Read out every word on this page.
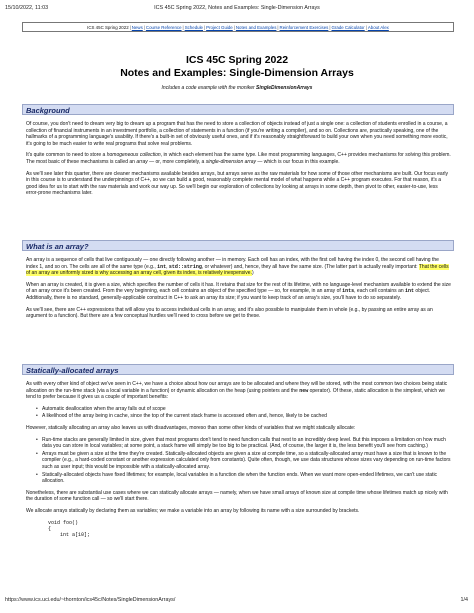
15/10/2022, 11:03	ICS 45C Spring 2022, Notes and Examples: Single-Dimension Arrays
ICS 45C Spring 2022|News|Course Reference|Schedule|Project Guide|Notes and Examples|Reinforcement Exercises|Grade Calculator|About Alex
ICS 45C Spring 2022
Notes and Examples: Single-Dimension Arrays
Includes a code example with the moniker SingleDimensionArrays
Background

Of course, you don't need to dream very big to dream up a program that has the need to store a collection of objects instead of just a single one: a collection of students enrolled in a course, a collection of financial instruments in an investment portfolio, a collection of statements in a function (if you're writing a compiler), and so on. Collections are, practically speaking, one of the hallmarks of a programming language's usability. If there's a built-in set of obviously useful ones, and if it's reasonably straightforward to build your own when you need something more exotic, it's going to be much easier to write real programs that solve real problems.

It's quite common to need to store a homogeneous collection, in which each element has the same type. Like most programming languages, C++ provides mechanisms for solving this problem. The most basic of these mechanisms is called an array — or, more completely, a single-dimension array — which is our focus in this example.

As we'll see later this quarter, there are cleaner mechanisms available besides arrays, but arrays serve as the raw materials for how some of those other mechanisms are built. Our focus early in this course is to understand the underpinnings of C++, so we can build a good, reasonably complete mental model of what happens while a C++ program executes. For that reason, it's a good idea for us to start with the raw materials and work our way up. So we'll begin our exploration of collections by looking at arrays in some depth, then pivot to other, easier-to-use, less error-prone mechanisms later.

What is an array?

An array is a sequence of cells that live contiguously — one directly following another — in memory. Each cell has an index, with the first cell having the index 0, the second cell having the index 1, and so on. The cells are all of the same type (e.g., int, std::string, or whatever) and, hence, they all have the same size. (The latter part is actually really important: That the cells of an array are uniformly sized is why accessing an array cell, given its index, is relatively inexpensive.)

When an array is created, it is given a size, which specifies the number of cells it has. It retains that size for the rest of its lifetime, with no language-level mechanism available to extend the size of an array once it's been created. From the very beginning, each cell contains an object of the specified type — so, for example, in an array of ints, each cell contains an int object. Additionally, there is no standard, generally-applicable construct in C++ to ask an array its size; if you want to keep track of an array's size, you'll have to do so separately.

As we'll see, there are C++ expressions that will allow you to access individual cells in an array, and it's also possible to manipulate them in whole (e.g., by passing an entire array as an argument to a function). But there are a few conceptual hurdles we'll need to cross before we get to these.

Statically-allocated arrays

As with every other kind of object we've seen in C++, we have a choice about how our arrays are to be allocated and where they will be stored, with the most common two choices being static allocation on the run-time stack (via a local variable in a function) or dynamic allocation on the heap (using pointers and the new operator). Of these, static allocation is the simplest, which we tend to prefer because it gives us a couple of important benefits:

• Automatic deallocation when the array falls out of scope
• A likelihood of the array being in cache, since the top of the current stack frame is accessed often and, hence, likely to be cached

However, statically allocating an array also leaves us with disadvantages, moreso than some other kinds of variables that we might statically allocate:

• Run-time stacks are generally limited in size, given that most programs don't tend to need function calls that nest to an incredibly deep level. But this imposes a limitation on how much data you can store in local variables; at some point, a stack frame will simply be too big to be practical. (And, of course, the larger it is, the less benefit you'll see from caching.)
• Arrays must be given a size at the time they're created. Statically-allocated objects are given a size at compile time, so a statically-allocated array must have a size that is known to the compiler (e.g., a hard-coded constant or another expression calculated only from constants). Quite often, though, we use data structures whose sizes vary depending on run-time factors such as user input; this would be impossible with a statically-allocated array.
• Statically-allocated objects have fixed lifetimes; for example, local variables in a function die when the function ends. When we want more open-ended lifetimes, we can't use static allocation.

Nonetheless, there are substantial use cases where we can statically allocate arrays — namely, when we have small arrays of known size at compile time whose lifetimes match up nicely with the duration of some function call — so we'll start there.

We allocate arrays statically by declaring them as variables; we make a variable into an array by following its name with a size surrounded by brackets.

void foo()
{
int a[10];
https://www.ics.uci.edu/~thornton/ics45c/Notes/SingleDimensionArrays/	1/4
